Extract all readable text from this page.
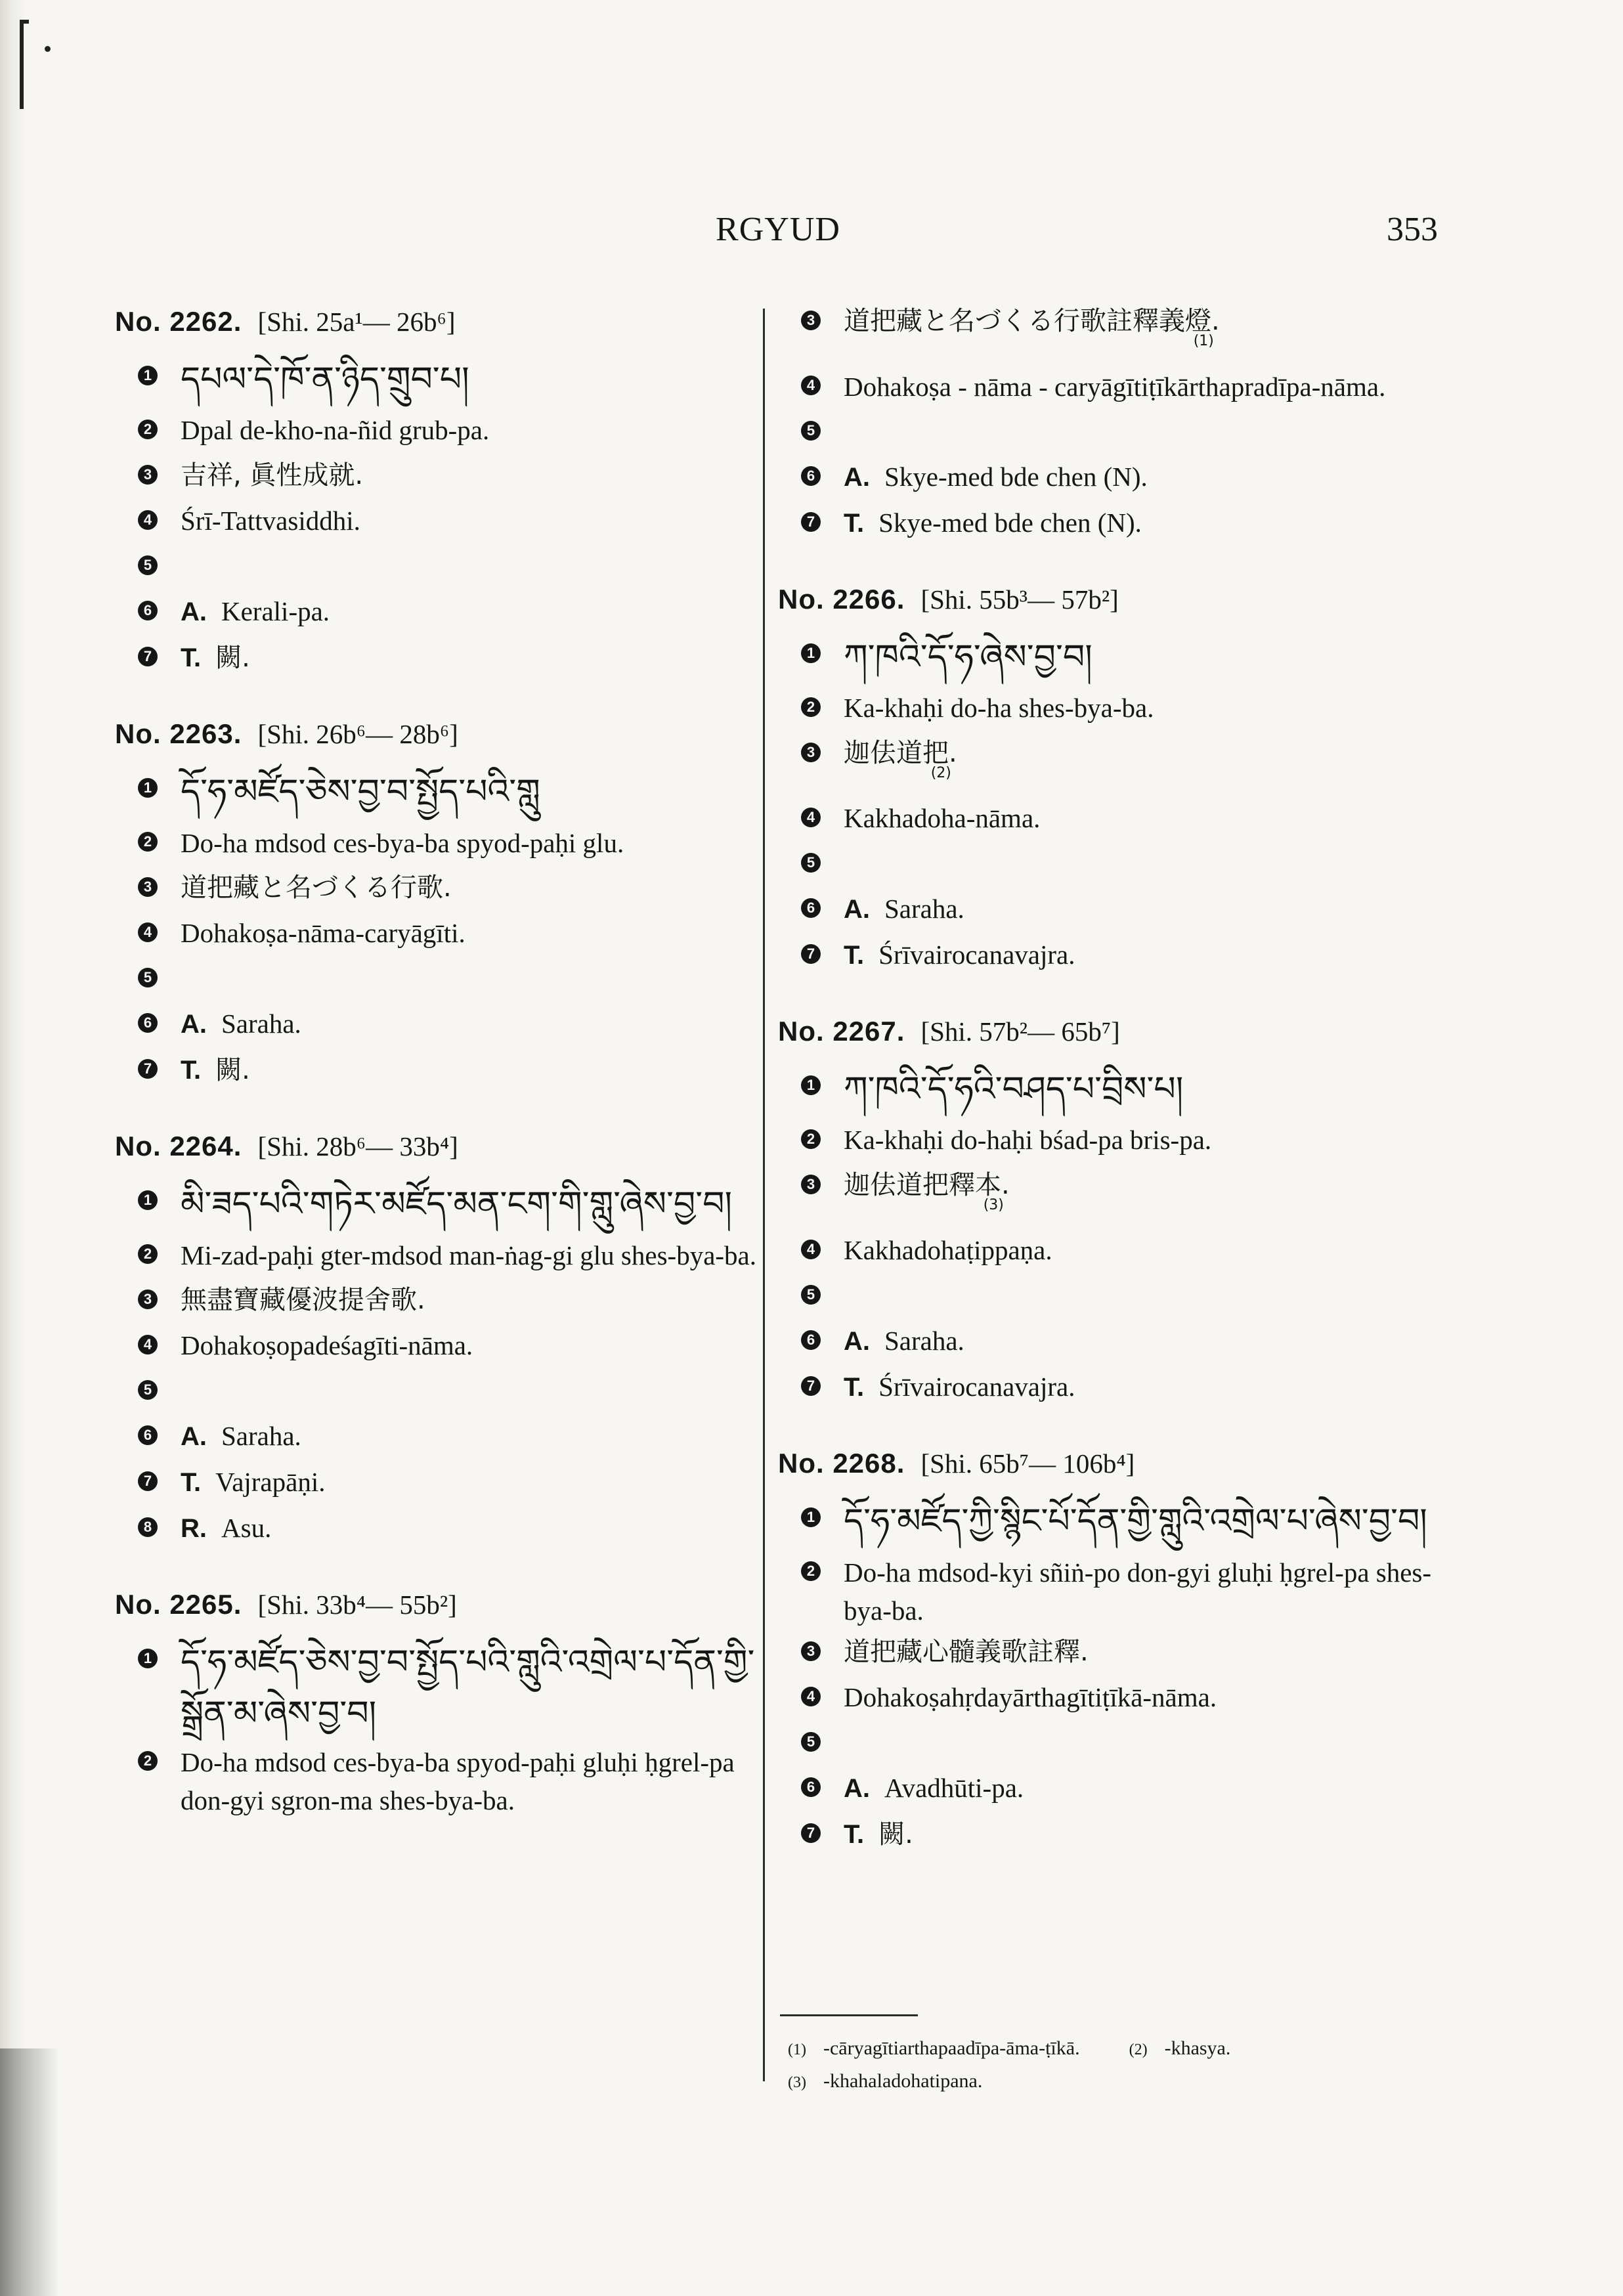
RGYUD	353
No. 2262. [Shi. 25a¹— 26b⁶]
1 དཔལ་དེ་ཁོ་ན་ཉིད་གྲུབ་པ།
2 Dpal de-kho-na-ñid grub-pa.
3 吉祥, 眞性成就.
4 Śrī-Tattvasiddhi.
5
6 A. Kerali-pa.
7 T. 闕.
No. 2263. [Shi. 26b⁶— 28b⁶]
1 དོ་ཧ་མཛོད་ཅེས་བྱ་བ་སྤྱོད་པའི་གླུ
2 Do-ha mdsod ces-bya-ba spyod-paḥi glu.
3 道把藏と名づくる行歌.
4 Dohakoṣa-nāma-caryāgīti.
5
6 A. Saraha.
7 T. 闕.
No. 2264. [Shi. 28b⁶— 33b⁴]
1 མི་ཟད་པའི་གཏེར་མཛོད་མན་ངག་གི་གླུ་ཞེས་བྱ་བ།
2 Mi-zad-paḥi gter-mdsod man-ṅag-gi glu shes-bya-ba.
3 無盡寶藏優波提舍歌.
4 Dohakoṣopadeśagīti-nāma.
5
6 A. Saraha.
7 T. Vajrapāṇi.
8 R. Asu.
No. 2265. [Shi. 33b⁴— 55b²]
1 དོ་ཧ་མཛོད་ཅེས་བྱ་བ་སྤྱོད་པའི་གླུའི་འགྲེལ་པ་དོན་གྱི་སྒྲོན་མ་ཞེས་བྱ་བ།
2 Do-ha mdsod ces-bya-ba spyod-paḥi gluḥi ḥgrel-pa don-gyi sgron-ma shes-bya-ba.
3 道把藏と名づくる行歌註釋義燈$._{(1)}$
4 Dohakoṣa - nāma - caryāgītiṭīkārthapradīpa-nāma.
5
6 A. Skye-med bde chen (N).
7 T. Skye-med bde chen (N).
No. 2266. [Shi. 55b³— 57b²]
1 ཀ་ཁའི་དོ་ཧ་ཞེས་བྱ་བ།
2 Ka-khaḥi do-ha shes-bya-ba.
3 迦佉道把$._{(2)}$
4 Kakhadoha-nāma.
5
6 A. Saraha.
7 T. Śrīvairocanavajra.
No. 2267. [Shi. 57b²— 65b⁷]
1 ཀ་ཁའི་དོ་ཧའི་བཤད་པ་བྲིས་པ།
2 Ka-khaḥi do-haḥi bśad-pa bris-pa.
3 迦佉道把釋本$._{(3)}$
4 Kakhadohaṭippaṇa.
5
6 A. Saraha.
7 T. Śrīvairocanavajra.
No. 2268. [Shi. 65b⁷— 106b⁴]
1 དོ་ཧ་མཛོད་ཀྱི་སྙིང་པོ་དོན་གྱི་གླུའི་འགྲེལ་པ་ཞེས་བྱ་བ།
2 Do-ha mdsod-kyi sñiṅ-po don-gyi gluḥi ḥgrel-pa shes-bya-ba.
3 道把藏心髓義歌註釋.
4 Dohakoṣahṛdayārthagītiṭīkā-nāma.
5
6 A. Avadhūti-pa.
7 T. 闕.
(1) -cāryagītiarthapaadīpa-āma-ṭīkā.	(2) -khasya.
(3) -khahaladohatipana.
